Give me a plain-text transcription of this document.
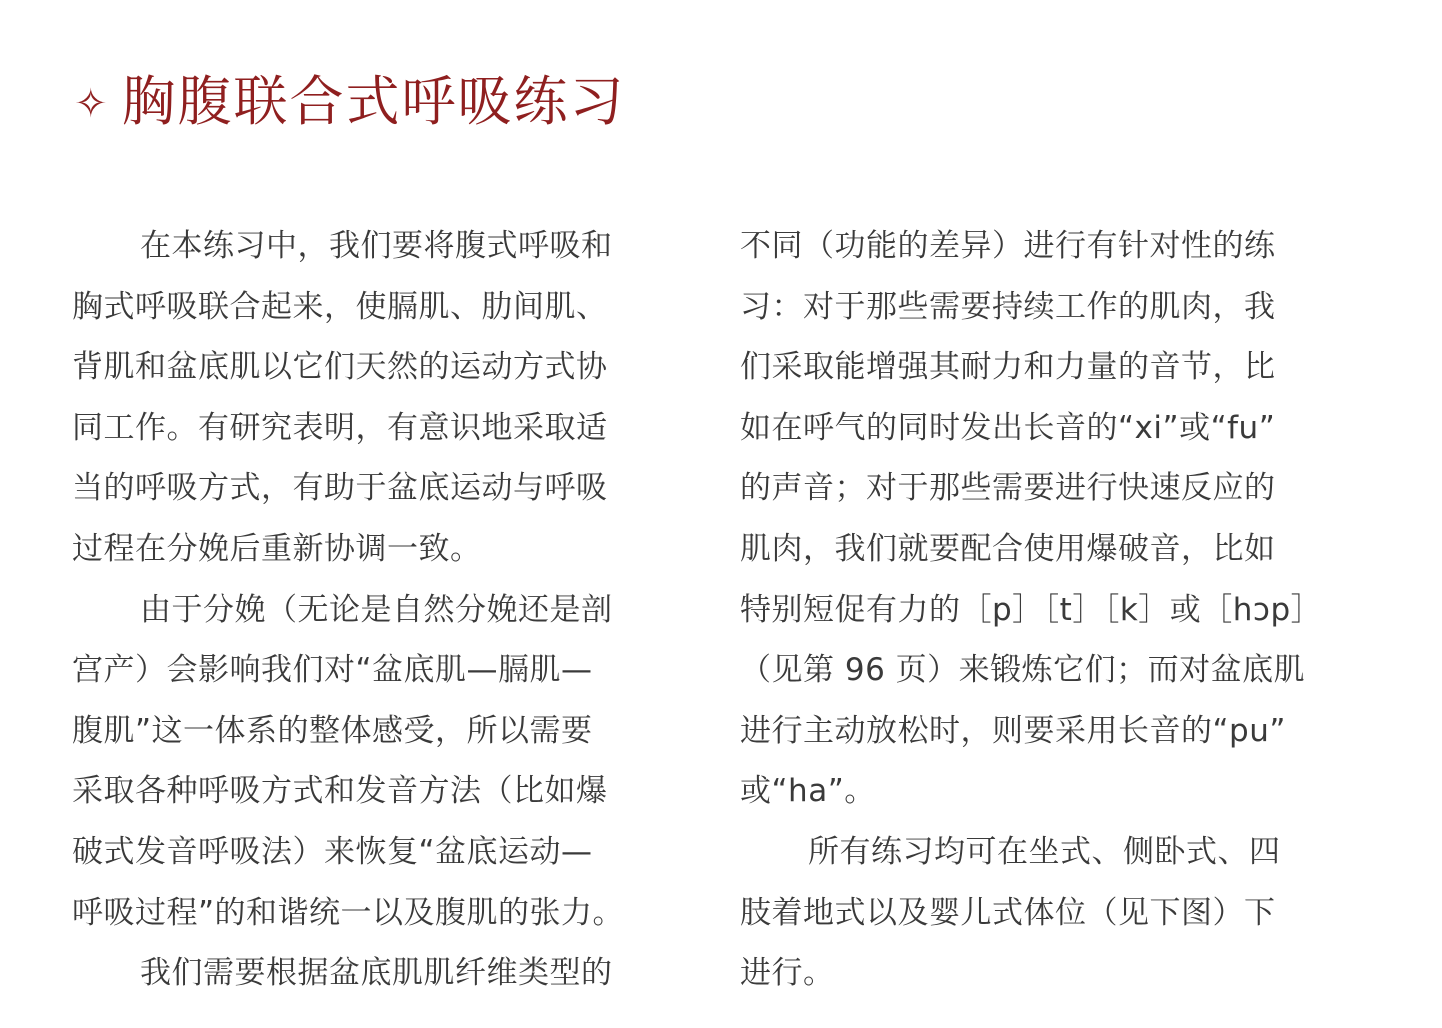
✧ 胸腹联合式呼吸练习
在本练习中，我们要将腹式呼吸和
胸式呼吸联合起来，使膈肌、肋间肌、
背肌和盆底肌以它们天然的运动方式协
同工作。有研究表明，有意识地采取适
当的呼吸方式，有助于盆底运动与呼吸
过程在分娩后重新协调一致。
由于分娩（无论是自然分娩还是剖
宫产）会影响我们对“盆底肌—膈肌—
腹肌”这一体系的整体感受，所以需要
采取各种呼吸方式和发音方法（比如爆
破式发音呼吸法）来恢复“盆底运动—
呼吸过程”的和谐统一以及腹肌的张力。
我们需要根据盆底肌肌纤维类型的
不同（功能的差异）进行有针对性的练
习：对于那些需要持续工作的肌肉，我
们采取能增强其耐力和力量的音节，比
如在呼气的同时发出长音的“xi”或“fu”
的声音；对于那些需要进行快速反应的
肌肉，我们就要配合使用爆破音，比如
特别短促有力的［p］［t］［k］或［hɔp］
（见第 96 页）来锻炼它们；而对盆底肌
进行主动放松时，则要采用长音的“pu”
或“ha”。
所有练习均可在坐式、侧卧式、四
肢着地式以及婴儿式体位（见下图）下
进行。
